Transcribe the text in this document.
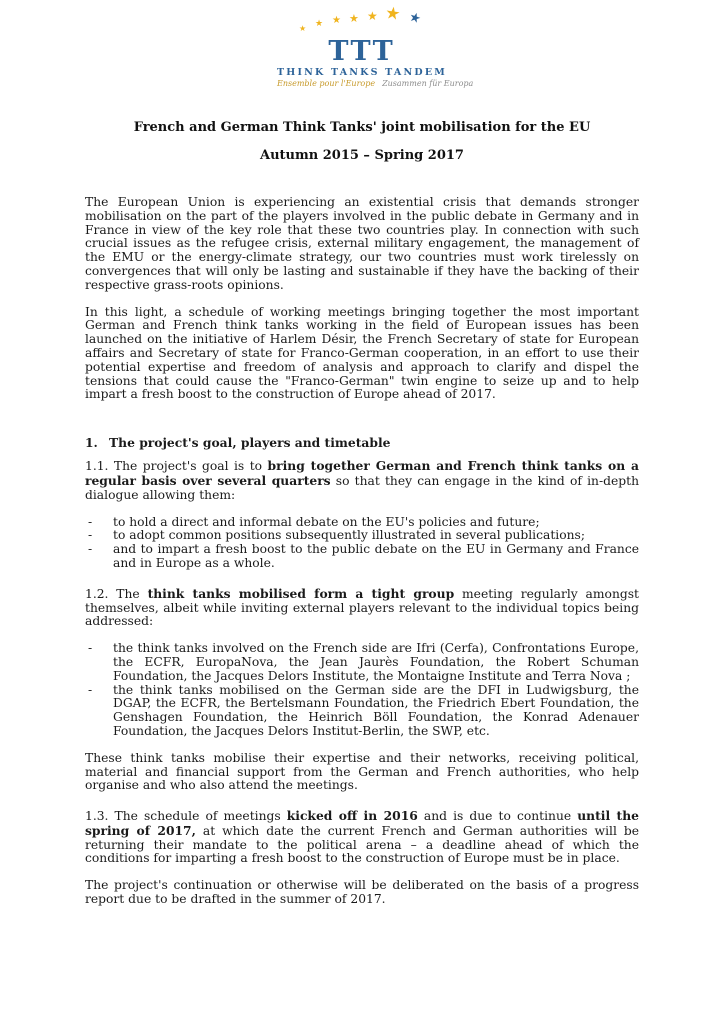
★
★
★
★
★
★
★
TTT
THINK TANKS TANDEM
Ensemble pour l'Europe Zusammen für Europa
French and German Think Tanks' joint mobilisation for the EU
Autumn 2015 – Spring 2017

The European Union is experiencing an existential crisis that demands stronger mobilisation on the part of the players involved in the public debate in Germany and in France in view of the key role that these two countries play. In connection with such crucial issues as the refugee crisis, external military engagement, the management of the EMU or the energy-climate strategy, our two countries must work tirelessly on convergences that will only be lasting and sustainable if they have the backing of their respective grass-roots opinions.

In this light, a schedule of working meetings bringing together the most important German and French think tanks working in the field of European issues has been launched on the initiative of Harlem Désir, the French Secretary of state for European affairs and Secretary of state for Franco-German cooperation, in an effort to use their potential expertise and freedom of analysis and approach to clarify and dispel the tensions that could cause the "Franco-German" twin engine to seize up and to help impart a fresh boost to the construction of Europe ahead of 2017.

1. The project's goal, players and timetable

1.1. The project's goal is to bring together German and French think tanks on a regular basis over several quarters so that they can engage in the kind of in-depth dialogue allowing them:

-	to hold a direct and informal debate on the EU's policies and future;
-	to adopt common positions subsequently illustrated in several publications;
-	and to impart a fresh boost to the public debate on the EU in Germany and France and in Europe as a whole.

1.2. The think tanks mobilised form a tight group meeting regularly amongst themselves, albeit while inviting external players relevant to the individual topics being addressed:

-	the think tanks involved on the French side are Ifri (Cerfa), Confrontations Europe, the ECFR, EuropaNova, the Jean Jaurès Foundation, the Robert Schuman Foundation, the Jacques Delors Institute, the Montaigne Institute and Terra Nova ;
-	the think tanks mobilised on the German side are the DFI in Ludwigsburg, the DGAP, the ECFR, the Bertelsmann Foundation, the Friedrich Ebert Foundation, the Genshagen Foundation, the Heinrich Böll Foundation, the Konrad Adenauer Foundation, the Jacques Delors Institut-Berlin, the SWP, etc.

These think tanks mobilise their expertise and their networks, receiving political, material and financial support from the German and French authorities, who help organise and who also attend the meetings.

1.3. The schedule of meetings kicked off in 2016 and is due to continue until the spring of 2017, at which date the current French and German authorities will be returning their mandate to the political arena – a deadline ahead of which the conditions for imparting a fresh boost to the construction of Europe must be in place.

The project's continuation or otherwise will be deliberated on the basis of a progress report due to be drafted in the summer of 2017.
